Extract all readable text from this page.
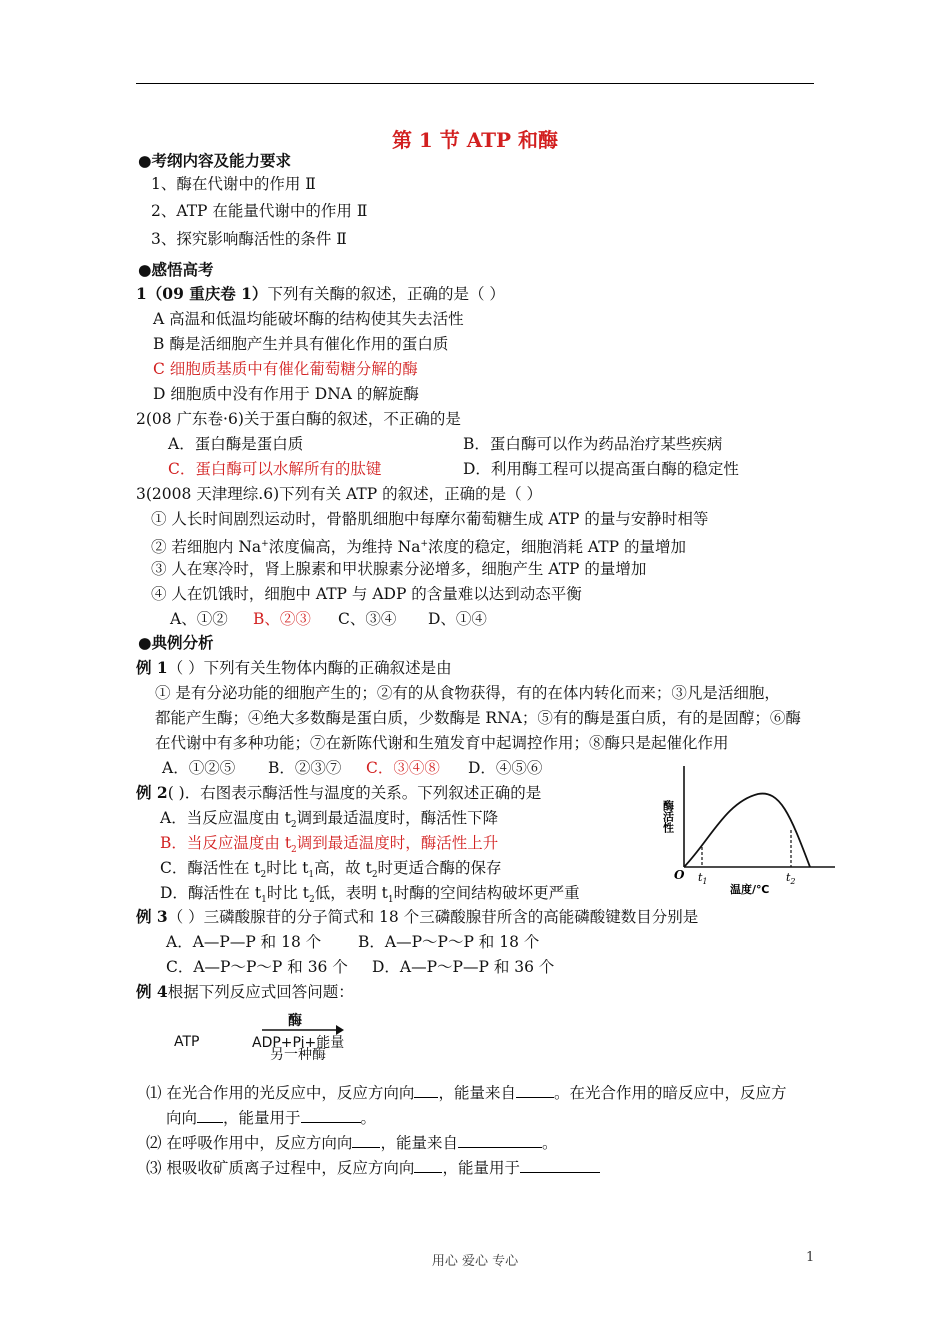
第 1 节 ATP 和酶
●考纲内容及能力要求
1、酶在代谢中的作用 Ⅱ
2、ATP 在能量代谢中的作用 Ⅱ
3、探究影响酶活性的条件 Ⅱ
●感悟高考
1（09 重庆卷 1）下列有关酶的叙述，正确的是（ ）
A 高温和低温均能破坏酶的结构使其失去活性
B 酶是活细胞产生并具有催化作用的蛋白质
C 细胞质基质中有催化葡萄糖分解的酶
D 细胞质中没有作用于 DNA 的解旋酶
2(08 广东卷·6)关于蛋白酶的叙述，不正确的是
A．蛋白酶是蛋白质	B．蛋白酶可以作为药品治疗某些疾病
C．蛋白酶可以水解所有的肽键	D．利用酶工程可以提高蛋白酶的稳定性
3(2008 天津理综.6)下列有关 ATP 的叙述，正确的是（ ）
① 人长时间剧烈运动时，骨骼肌细胞中每摩尔葡萄糖生成 ATP 的量与安静时相等
② 若细胞内 Na+浓度偏高，为维持 Na+浓度的稳定，细胞消耗 ATP 的量增加
③ 人在寒冷时，肾上腺素和甲状腺素分泌增多，细胞产生 ATP 的量增加
④ 人在饥饿时，细胞中 ATP 与 ADP 的含量难以达到动态平衡
A、①② B、②③ C、③④ D、①④
●典例分析
例 1（ ）下列有关生物体内酶的正确叙述是由
① 是有分泌功能的细胞产生的；②有的从食物获得，有的在体内转化而来；③凡是活细胞，
都能产生酶；④绝大多数酶是蛋白质，少数酶是 RNA；⑤有的酶是蛋白质，有的是固醇；⑥酶
在代谢中有多种功能；⑦在新陈代谢和生殖发育中起调控作用；⑧酶只是起催化作用
A．①②⑤ B．②③⑦ C．③④⑧ D．④⑤⑥
例 2( )．右图表示酶活性与温度的关系。下列叙述正确的是
A．当反应温度由 $t_2$调到最适温度时，酶活性下降
B．当反应温度由 $t_2$调到最适温度时，酶活性上升
C．酶活性在 $t_2$时比 $t_1$高，故 $t_2$时更适合酶的保存
D．酶活性在 $t_1$时比 $t_2$低，表明 $t_1$时酶的空间结构破坏更严重
酶活性
O $t_1$	$t_2$
温度/℃
例 3（ ）三磷酸腺苷的分子简式和 18 个三磷酸腺苷所含的高能磷酸键数目分别是
A．A—P—P 和 18 个 B．A—P～P～P 和 18 个
C．A—P～P～P 和 36 个 D．A—P～P—P 和 36 个
例 4根据下列反应式回答问题：
酶
ATP	ADP+Pi+能量
另一种酶
⑴ 在光合作用的光反应中，反应方向向 ，能量来自 。在光合作用的暗反应中，反应方
向向 ，能量用于	。
⑵ 在呼吸作用中，反应方向向 ，能量来自	。
⑶ 根吸收矿质离子过程中，反应方向向 ，能量用于
用心 爱心 专心	1
